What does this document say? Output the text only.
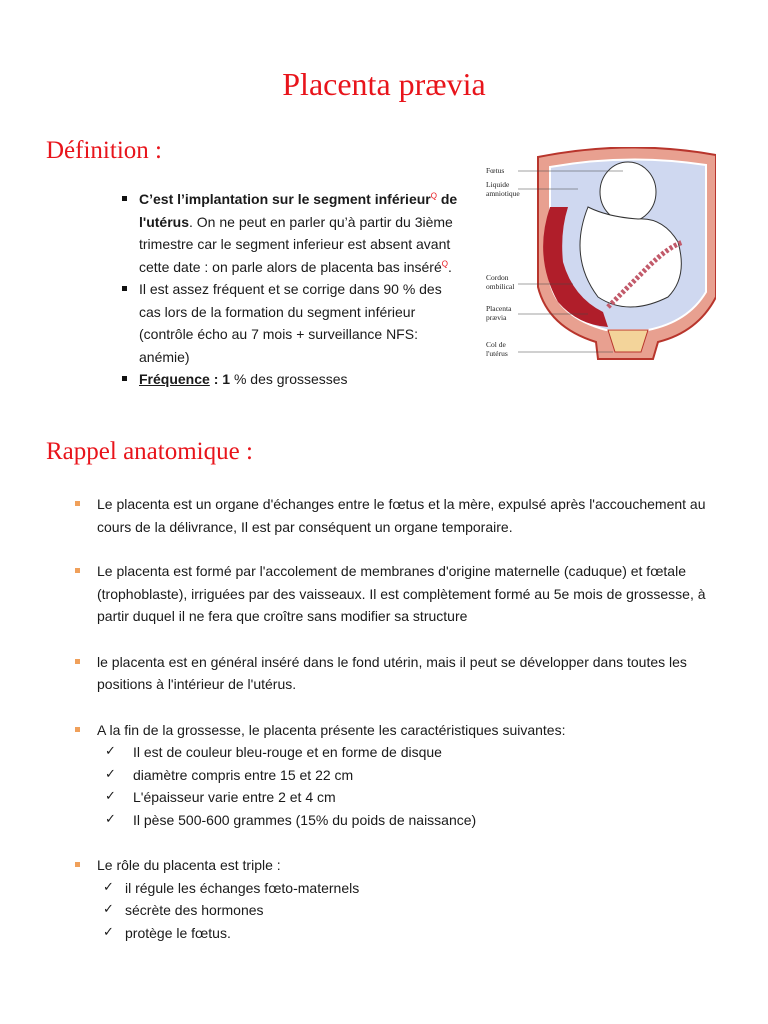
Placenta prævia
Définition :
C’est l’implantation sur le segment inférieur$^Q$ de l'utérus. On ne peut en parler qu’à partir du 3ième trimestre car le segment inferieur est absent avant cette date : on parle alors de placenta bas inséré$^Q$.
Il est assez fréquent et se corrige dans 90 % des cas lors de la formation du segment inférieur (contrôle écho au 7 mois + surveillance NFS: anémie)
Fréquence : 1 % des grossesses
Fœtus
Liquide
amniotique
Cordon
ombilical
Placenta
prævia
Col de
l'utérus
Rappel anatomique :
Le placenta est un organe d'échanges entre le fœtus et la mère, expulsé après l'accouchement au cours de la délivrance, Il est par conséquent un organe temporaire.
Le placenta est formé par l'accolement de membranes d'origine maternelle (caduque) et fœtale (trophoblaste), irriguées par des vaisseaux. Il est complètement formé au 5e mois de grossesse, à partir duquel il ne fera que croître sans modifier sa structure
le placenta est en général inséré dans le fond utérin, mais il peut se développer dans toutes les positions à l'intérieur de l'utérus.
A la fin de la grossesse, le placenta présente les caractéristiques suivantes:
✓ Il est de couleur bleu-rouge et en forme de disque
✓ diamètre compris entre 15 et 22 cm
✓ L'épaisseur varie entre 2 et 4 cm
✓ Il pèse 500-600 grammes (15% du poids de naissance)
Le rôle du placenta est triple :
✓ il régule les échanges fœto-maternels
✓ sécrète des hormones
✓ protège le fœtus.
